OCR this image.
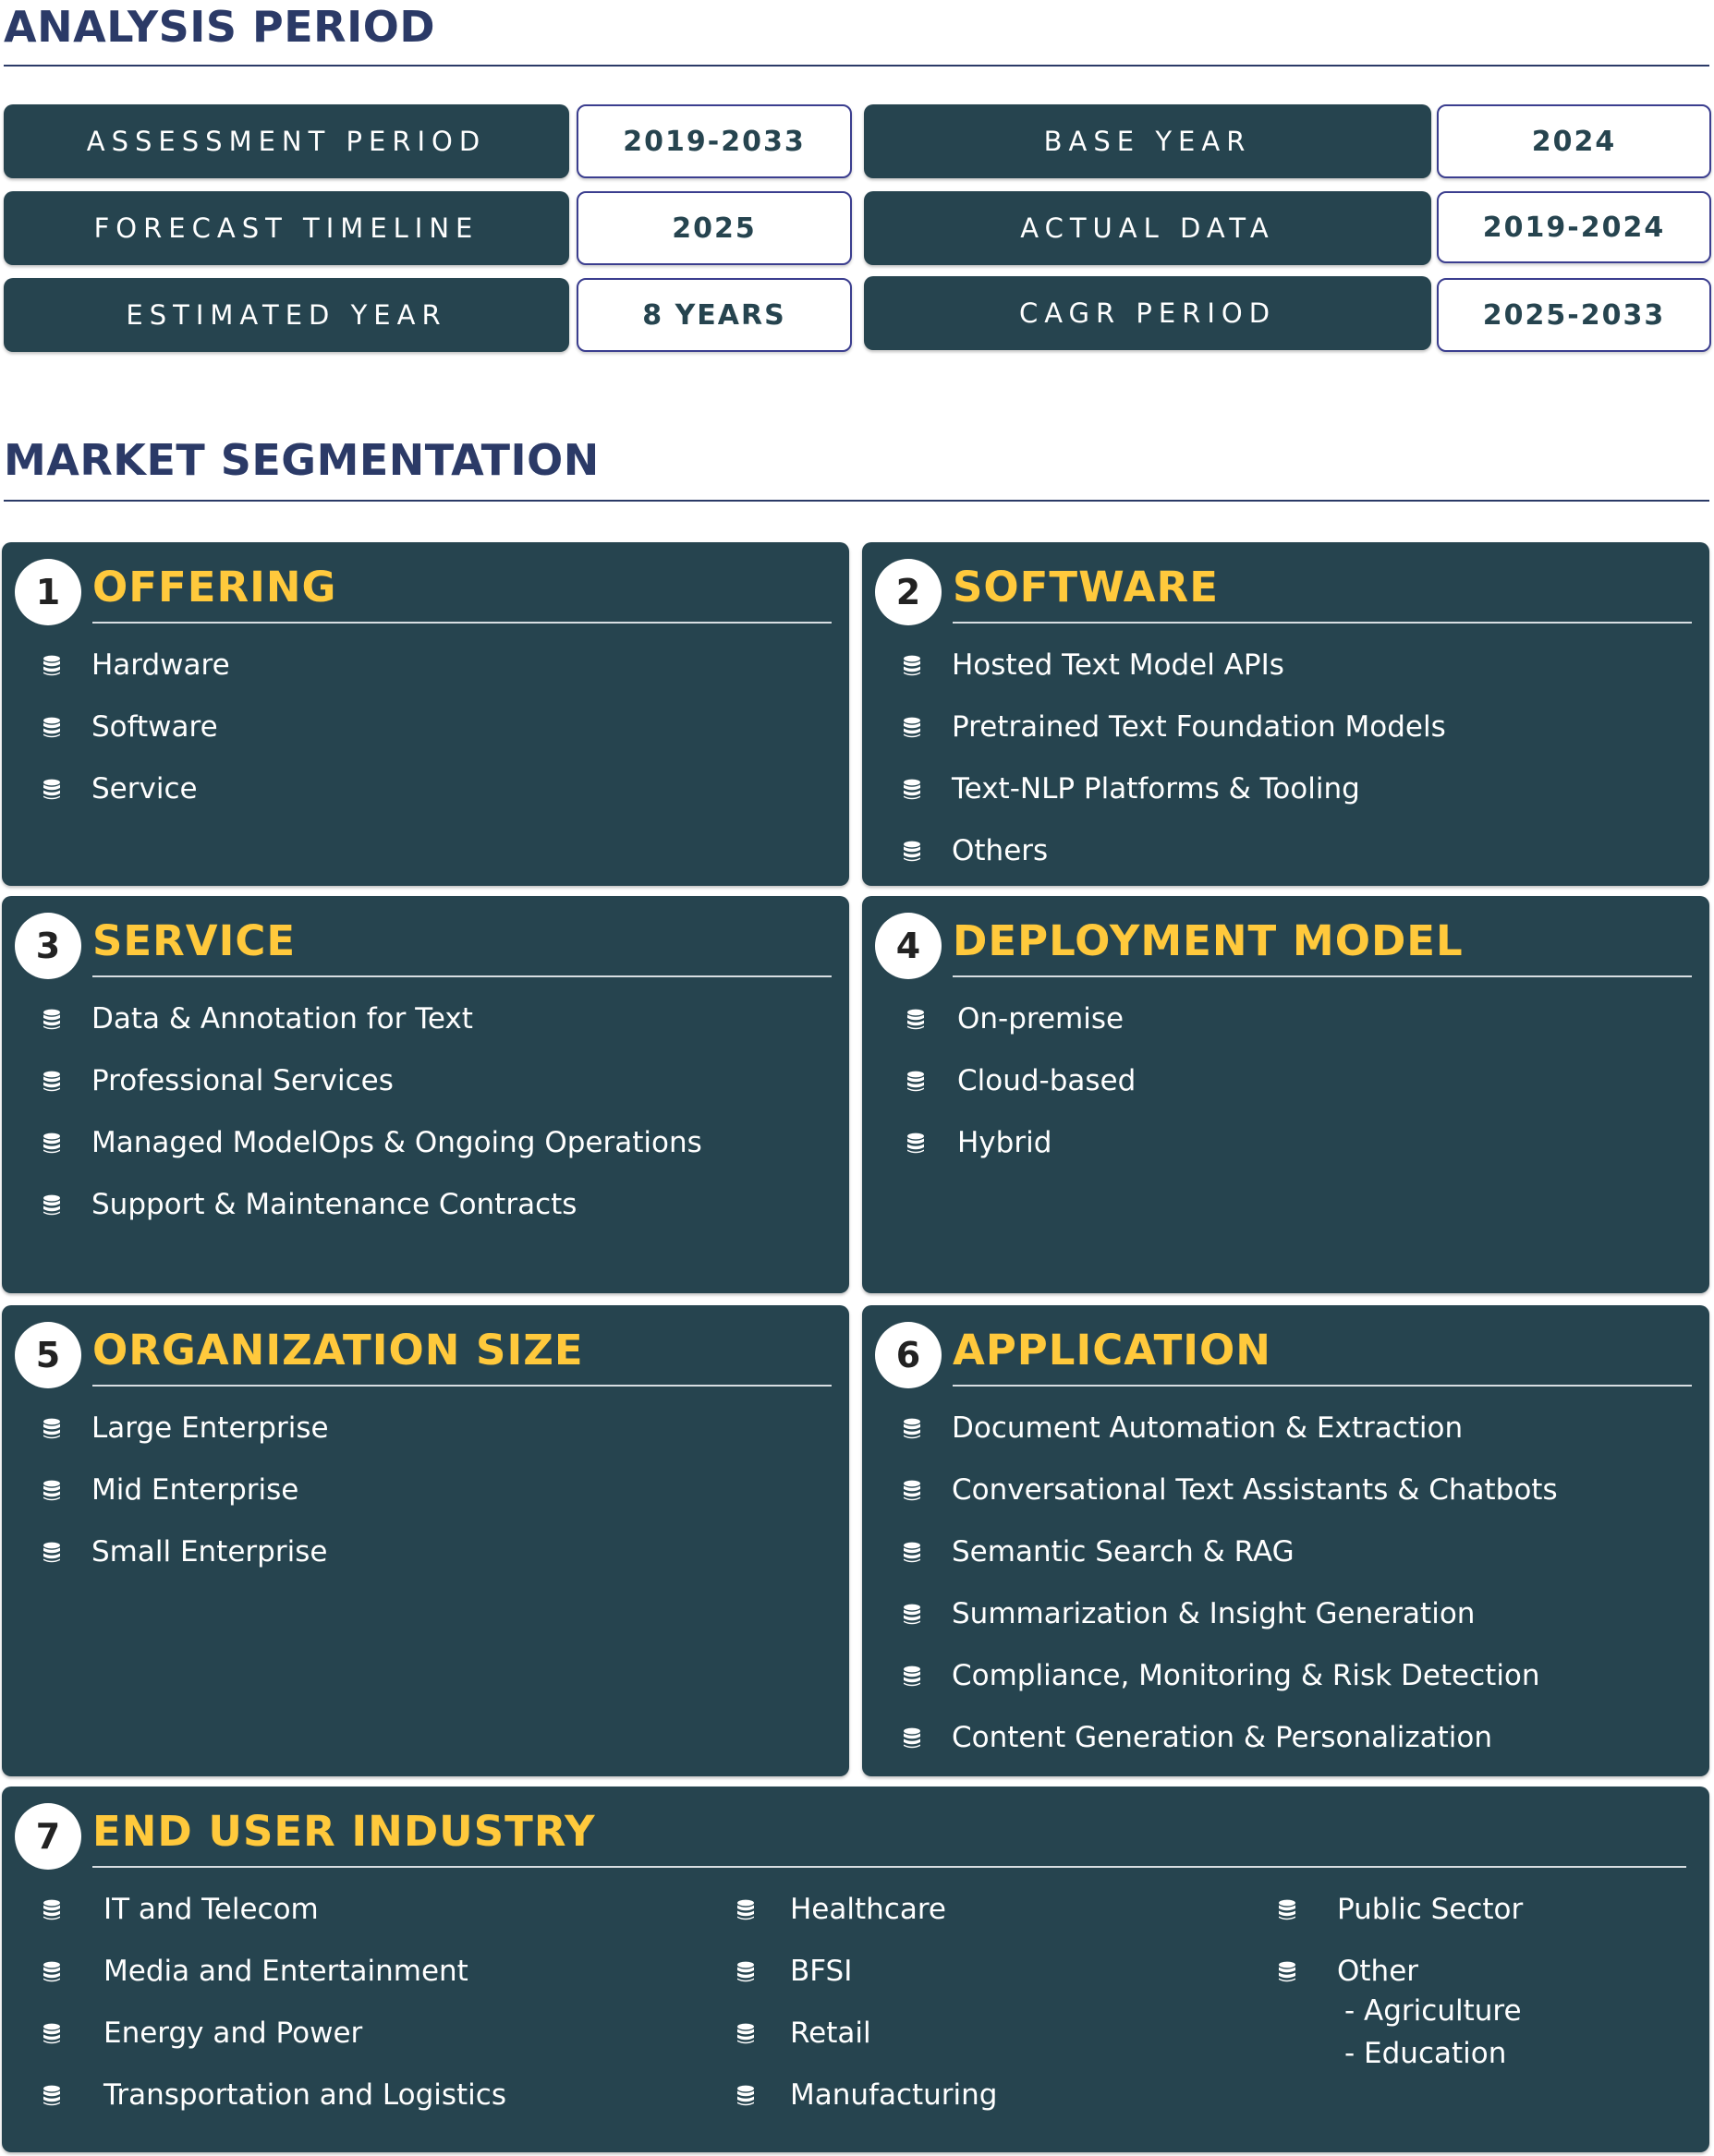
ANALYSIS PERIOD
ASSESSMENT PERIOD	2019-2033	BASE YEAR	2024
FORECAST TIMELINE	2025	ACTUAL DATA	2019-2024
ESTIMATED YEAR	8 YEARS	CAGR PERIOD	2025-2033
MARKET SEGMENTATION
1 OFFERING
Hardware
Software
Service
2 SOFTWARE
Hosted Text Model APIs
Pretrained Text Foundation Models
Text-NLP Platforms & Tooling
Others
3 SERVICE
Data & Annotation for Text
Professional Services
Managed ModelOps & Ongoing Operations
Support & Maintenance Contracts
4 DEPLOYMENT MODEL
On-premise
Cloud-based
Hybrid
5 ORGANIZATION SIZE
Large Enterprise
Mid Enterprise
Small Enterprise
6 APPLICATION
Document Automation & Extraction
Conversational Text Assistants & Chatbots
Semantic Search & RAG
Summarization & Insight Generation
Compliance, Monitoring & Risk Detection
Content Generation & Personalization
7 END USER INDUSTRY
IT and Telecom
Media and Entertainment
Energy and Power
Transportation and Logistics
Healthcare
BFSI
Retail
Manufacturing
Public Sector
Other
- Agriculture
- Education
